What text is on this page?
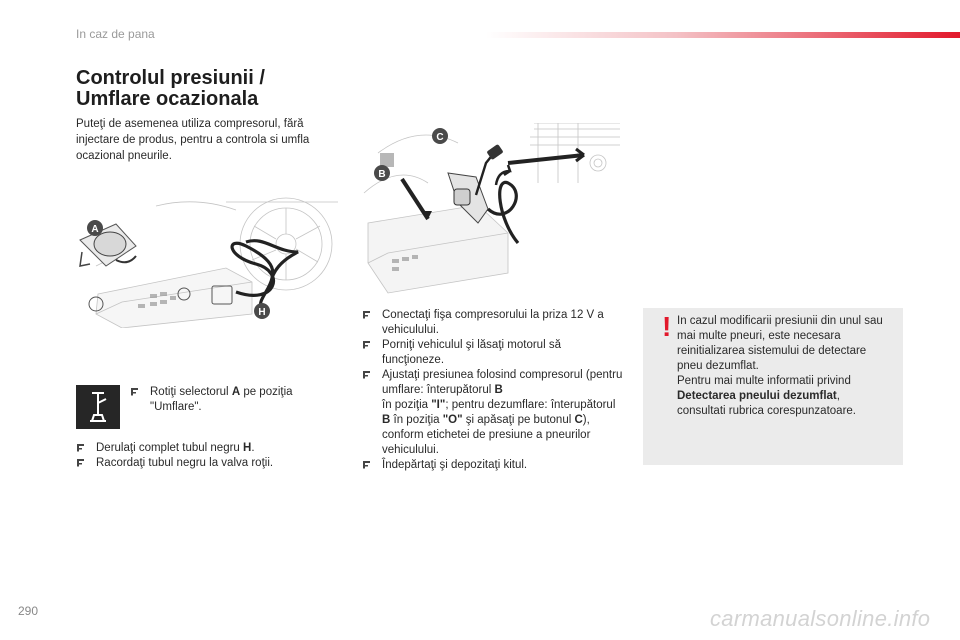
In caz de pana
Controlul presiunii /
Umflare ocazionala

Puteţi de asemenea utiliza compresorul, fără injectare de produs, pentru a controla si umfla ocazional pneurile.

A
H
B
C

Rotiţi selectorul A pe poziţia "Umflare".

Derulaţi complet tubul negru H.
Racordaţi tubul negru la valva roţii.
Conectaţi fişa compresorului la priza 12 V a vehiculului.
Porniţi vehiculul şi lăsaţi motorul să funcţioneze.
Ajustaţi presiunea folosind compresorul (pentru umflare: înterupătorul B
în poziţia "I"; pentru dezumflare: înterupătorul B în poziţia "O" şi apăsaţi pe butonul C), conform etichetei de presiune a pneurilor vehiculului.
Îndepărtaţi şi depozitaţi kitul.
! In cazul modificarii presiunii din unul sau mai multe pneuri, este necesara reinitializarea sistemului de detectare pneu dezumflat.
Pentru mai multe informatii privind Detectarea pneului dezumflat, consultati rubrica corespunzatoare.

290	carmanualsonline.info
